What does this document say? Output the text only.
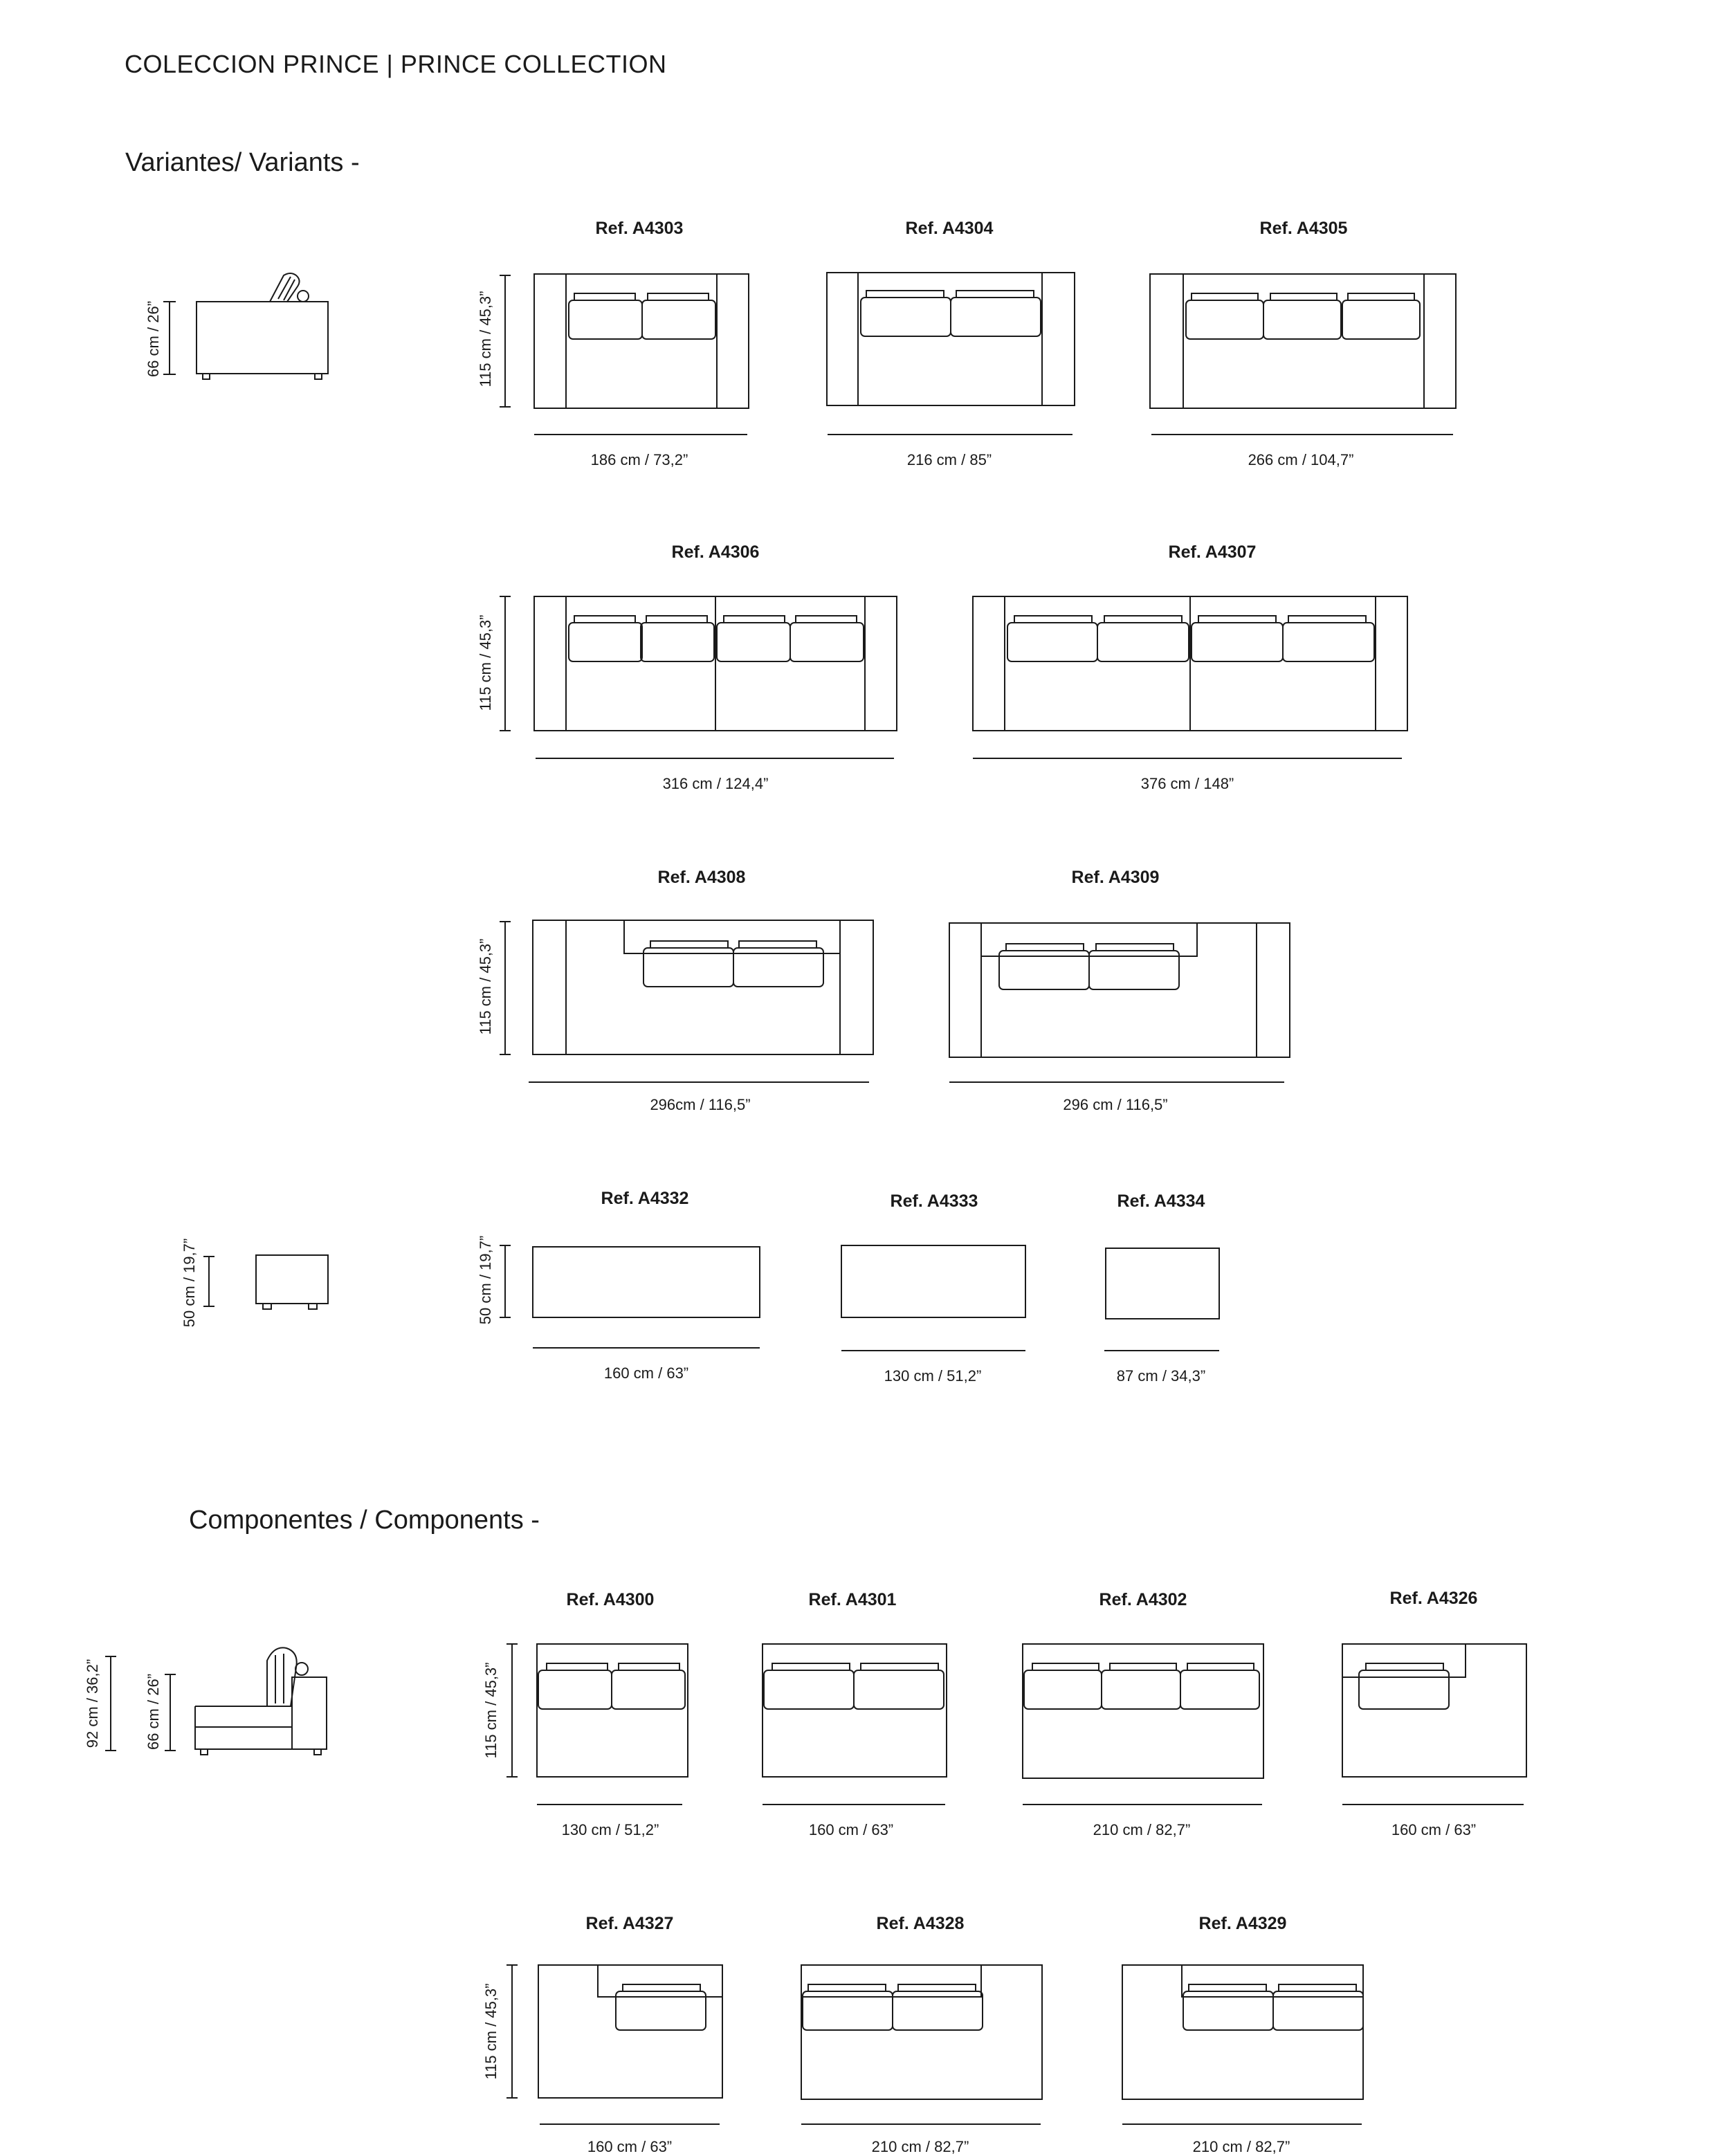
COLECCION PRINCE | PRINCE COLLECTION
Variantes/ Variants -
Componentes / Components -
66 cm / 26”
50 cm / 19,7”
92 cm / 36,2”	66 cm / 26”
115 cm / 45,3”
115 cm / 45,3”
115 cm / 45,3”
50 cm / 19,7”
115 cm / 45,3”
115 cm / 45,3”
Ref. A4303
186 cm / 73,2”
Ref. A4304
216 cm / 85”
Ref. A4305
266 cm / 104,7”
Ref. A4306
316 cm / 124,4”
Ref. A4307
376 cm / 148”
Ref. A4308
296cm / 116,5”
Ref. A4309
296 cm / 116,5”
Ref. A4332
160 cm / 63”
Ref. A4333
130 cm / 51,2”
Ref. A4334
87 cm / 34,3”
Ref. A4300
130 cm / 51,2”
Ref. A4301
160 cm / 63”
Ref. A4302
210 cm / 82,7”
Ref. A4326
160 cm / 63”
Ref. A4327
160 cm / 63”
Ref. A4328
210 cm / 82,7”
Ref. A4329
210 cm / 82,7”
